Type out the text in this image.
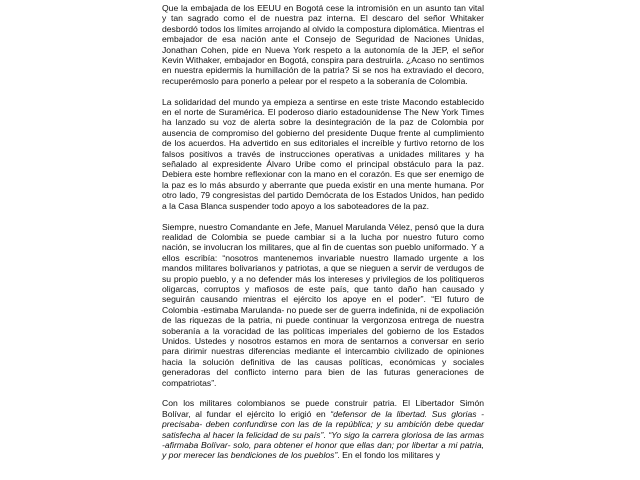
Que la embajada de los EEUU en Bogotá cese la intromisión en un asunto tan vital y tan sagrado como el de nuestra paz interna. El descaro del señor Whitaker desbordó todos los límites arrojando al olvido la compostura diplomática. Mientras el embajador de esa nación ante el Consejo de Seguridad de Naciones Unidas, Jonathan Cohen, pide en Nueva York respeto a la autonomía de la JEP, el señor Kevin Withaker, embajador en Bogotá, conspira para destruirla. ¿Acaso no sentimos en nuestra epidermis la humillación de la patria? Si se nos ha extraviado el decoro, recuperémoslo para ponerlo a pelear por el respeto a la soberanía de Colombia.

La solidaridad del mundo ya empieza a sentirse en este triste Macondo establecido en el norte de Suramérica. El poderoso diario estadounidense The New York Times ha lanzado su voz de alerta sobre la desintegración de la paz de Colombia por ausencia de compromiso del gobierno del presidente Duque frente al cumplimiento de los acuerdos. Ha advertido en sus editoriales el increíble y furtivo retorno de los falsos positivos a través de instrucciones operativas a unidades militares y ha señalado al expresidente Álvaro Uribe como el principal obstáculo para la paz. Debiera este hombre reflexionar con la mano en el corazón. Es que ser enemigo de la paz es lo más absurdo y aberrante que pueda existir en una mente humana. Por otro lado, 79 congresistas del partido Demócrata de los Estados Unidos, han pedido a la Casa Blanca suspender todo apoyo a los saboteadores de la paz.

Siempre, nuestro Comandante en Jefe, Manuel Marulanda Vélez, pensó que la dura realidad de Colombia se puede cambiar si a la lucha por nuestro futuro como nación, se involucran los militares, que al fin de cuentas son pueblo uniformado. Y a ellos escribía: “nosotros mantenemos invariable nuestro llamado urgente a los mandos militares bolivarianos y patriotas, a que se nieguen a servir de verdugos de su propio pueblo, y a no defender más los intereses y privilegios de los politiqueros oligarcas, corruptos y mafiosos de este país, que tanto daño han causado y seguirán causando mientras el ejército los apoye en el poder”. “El futuro de Colombia -estimaba Marulanda- no puede ser de guerra indefinida, ni de expoliación de las riquezas de la patria, ni puede continuar la vergonzosa entrega de nuestra soberanía a la voracidad de las políticas imperiales del gobierno de los Estados Unidos. Ustedes y nosotros estamos en mora de sentarnos a conversar en serio para dirimir nuestras diferencias mediante el intercambio civilizado de opiniones hacia la solución definitiva de las causas políticas, económicas y sociales generadoras del conflicto interno para bien de las futuras generaciones de compatriotas”.

Con los militares colombianos se puede construir patria. El Libertador Simón Bolívar, al fundar el ejército lo erigió en “defensor de la libertad. Sus glorias -precisaba- deben confundirse con las de la república; y su ambición debe quedar satisfecha al hacer la felicidad de su país”. “Yo sigo la carrera gloriosa de las armas -afirmaba Bolívar- solo, para obtener el honor que ellas dan; por libertar a mi patria, y por merecer las bendiciones de los pueblos”. En el fondo los militares y
